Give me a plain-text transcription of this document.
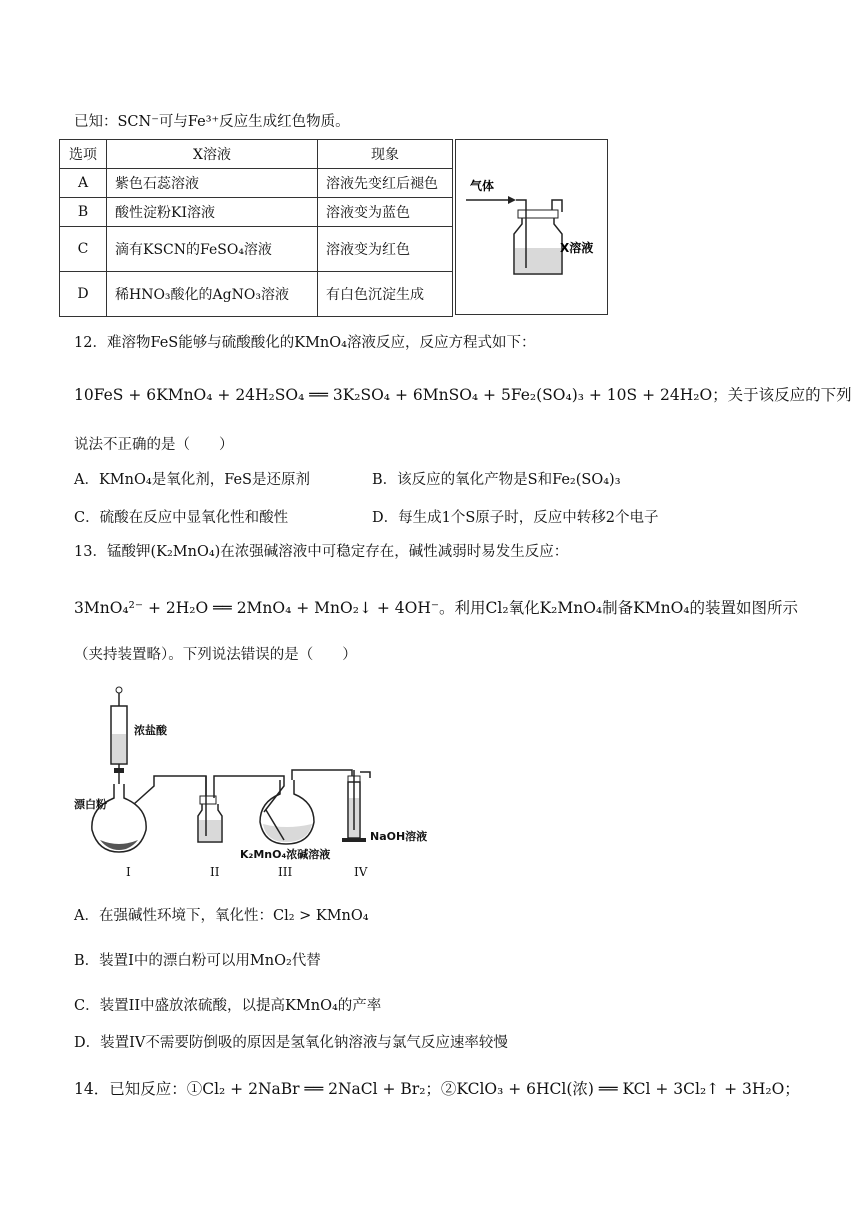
已知：SCN⁻可与Fe³⁺反应生成红色物质。
选项	X溶液	现象
A	紫色石蕊溶液	溶液先变红后褪色
B	酸性淀粉KI溶液	溶液变为蓝色
C	滴有KSCN的FeSO₄溶液	溶液变为红色
D	稀HNO₃酸化的AgNO₃溶液	有白色沉淀生成
气体
X溶液
12．难溶物FeS能够与硫酸酸化的KMnO₄溶液反应，反应方程式如下：
10FeS + 6KMnO₄ + 24H₂SO₄ ══ 3K₂SO₄ + 6MnSO₄ + 5Fe₂(SO₄)₃ + 10S + 24H₂O；关于该反应的下列
说法不正确的是（　　）
A．KMnO₄是氧化剂，FeS是还原剂	B．该反应的氧化产物是S和Fe₂(SO₄)₃
C．硫酸在反应中显氧化性和酸性	D．每生成1个S原子时，反应中转移2个电子
13．锰酸钾(K₂MnO₄)在浓强碱溶液中可稳定存在，碱性减弱时易发生反应：
3MnO₄²⁻ + 2H₂O ══ 2MnO₄ + MnO₂↓ + 4OH⁻。利用Cl₂氧化K₂MnO₄制备KMnO₄的装置如图所示
（夹持装置略）。下列说法错误的是（　　）
浓盐酸
漂白粉
K₂MnO₄浓碱溶液
NaOH溶液
I	II	III	IV
A．在强碱性环境下，氧化性：Cl₂ > KMnO₄
B．装置I中的漂白粉可以用MnO₂代替
C．装置II中盛放浓硫酸，以提高KMnO₄的产率
D．装置IV不需要防倒吸的原因是氢氧化钠溶液与氯气反应速率较慢
14．已知反应：①Cl₂ + 2NaBr ══ 2NaCl + Br₂；②KClO₃ + 6HCl(浓) ══ KCl + 3Cl₂↑ + 3H₂O；
